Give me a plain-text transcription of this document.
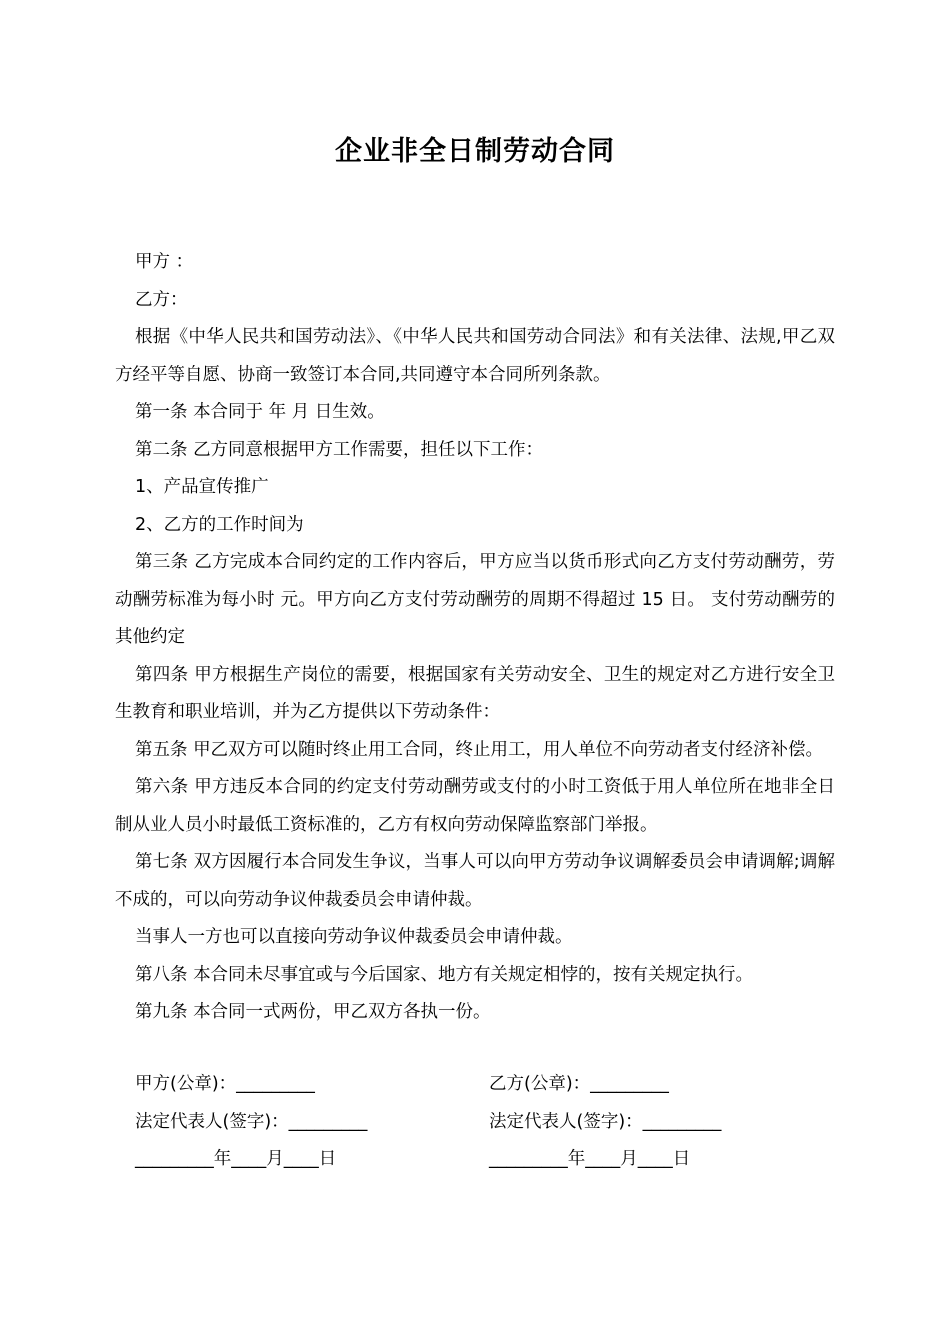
企业非全日制劳动合同

甲方 ：

乙方：

根据《中华人民共和国劳动法》、《中华人民共和国劳动合同法》和有关法律、法规,甲乙双方经平等自愿、协商一致签订本合同,共同遵守本合同所列条款。

第一条 本合同于 年 月 日生效。

第二条 乙方同意根据甲方工作需要，担任以下工作：

1、产品宣传推广

2、乙方的工作时间为

第三条 乙方完成本合同约定的工作内容后，甲方应当以货币形式向乙方支付劳动酬劳，劳动酬劳标准为每小时 元。甲方向乙方支付劳动酬劳的周期不得超过 15 日。 支付劳动酬劳的其他约定

第四条 甲方根据生产岗位的需要，根据国家有关劳动安全、卫生的规定对乙方进行安全卫生教育和职业培训，并为乙方提供以下劳动条件：

第五条 甲乙双方可以随时终止用工合同，终止用工，用人单位不向劳动者支付经济补偿。

第六条 甲方违反本合同的约定支付劳动酬劳或支付的小时工资低于用人单位所在地非全日制从业人员小时最低工资标准的，乙方有权向劳动保障监察部门举报。

第七条 双方因履行本合同发生争议，当事人可以向甲方劳动争议调解委员会申请调解;调解不成的，可以向劳动争议仲裁委员会申请仲裁。

当事人一方也可以直接向劳动争议仲裁委员会申请仲裁。

第八条 本合同未尽事宜或与今后国家、地方有关规定相悖的，按有关规定执行。

第九条 本合同一式两份，甲乙双方各执一份。

甲方(公章)：_________	乙方(公章)：_________
法定代表人(签字)：_________	法定代表人(签字)：_________
_________年____月____日	_________年____月____日
